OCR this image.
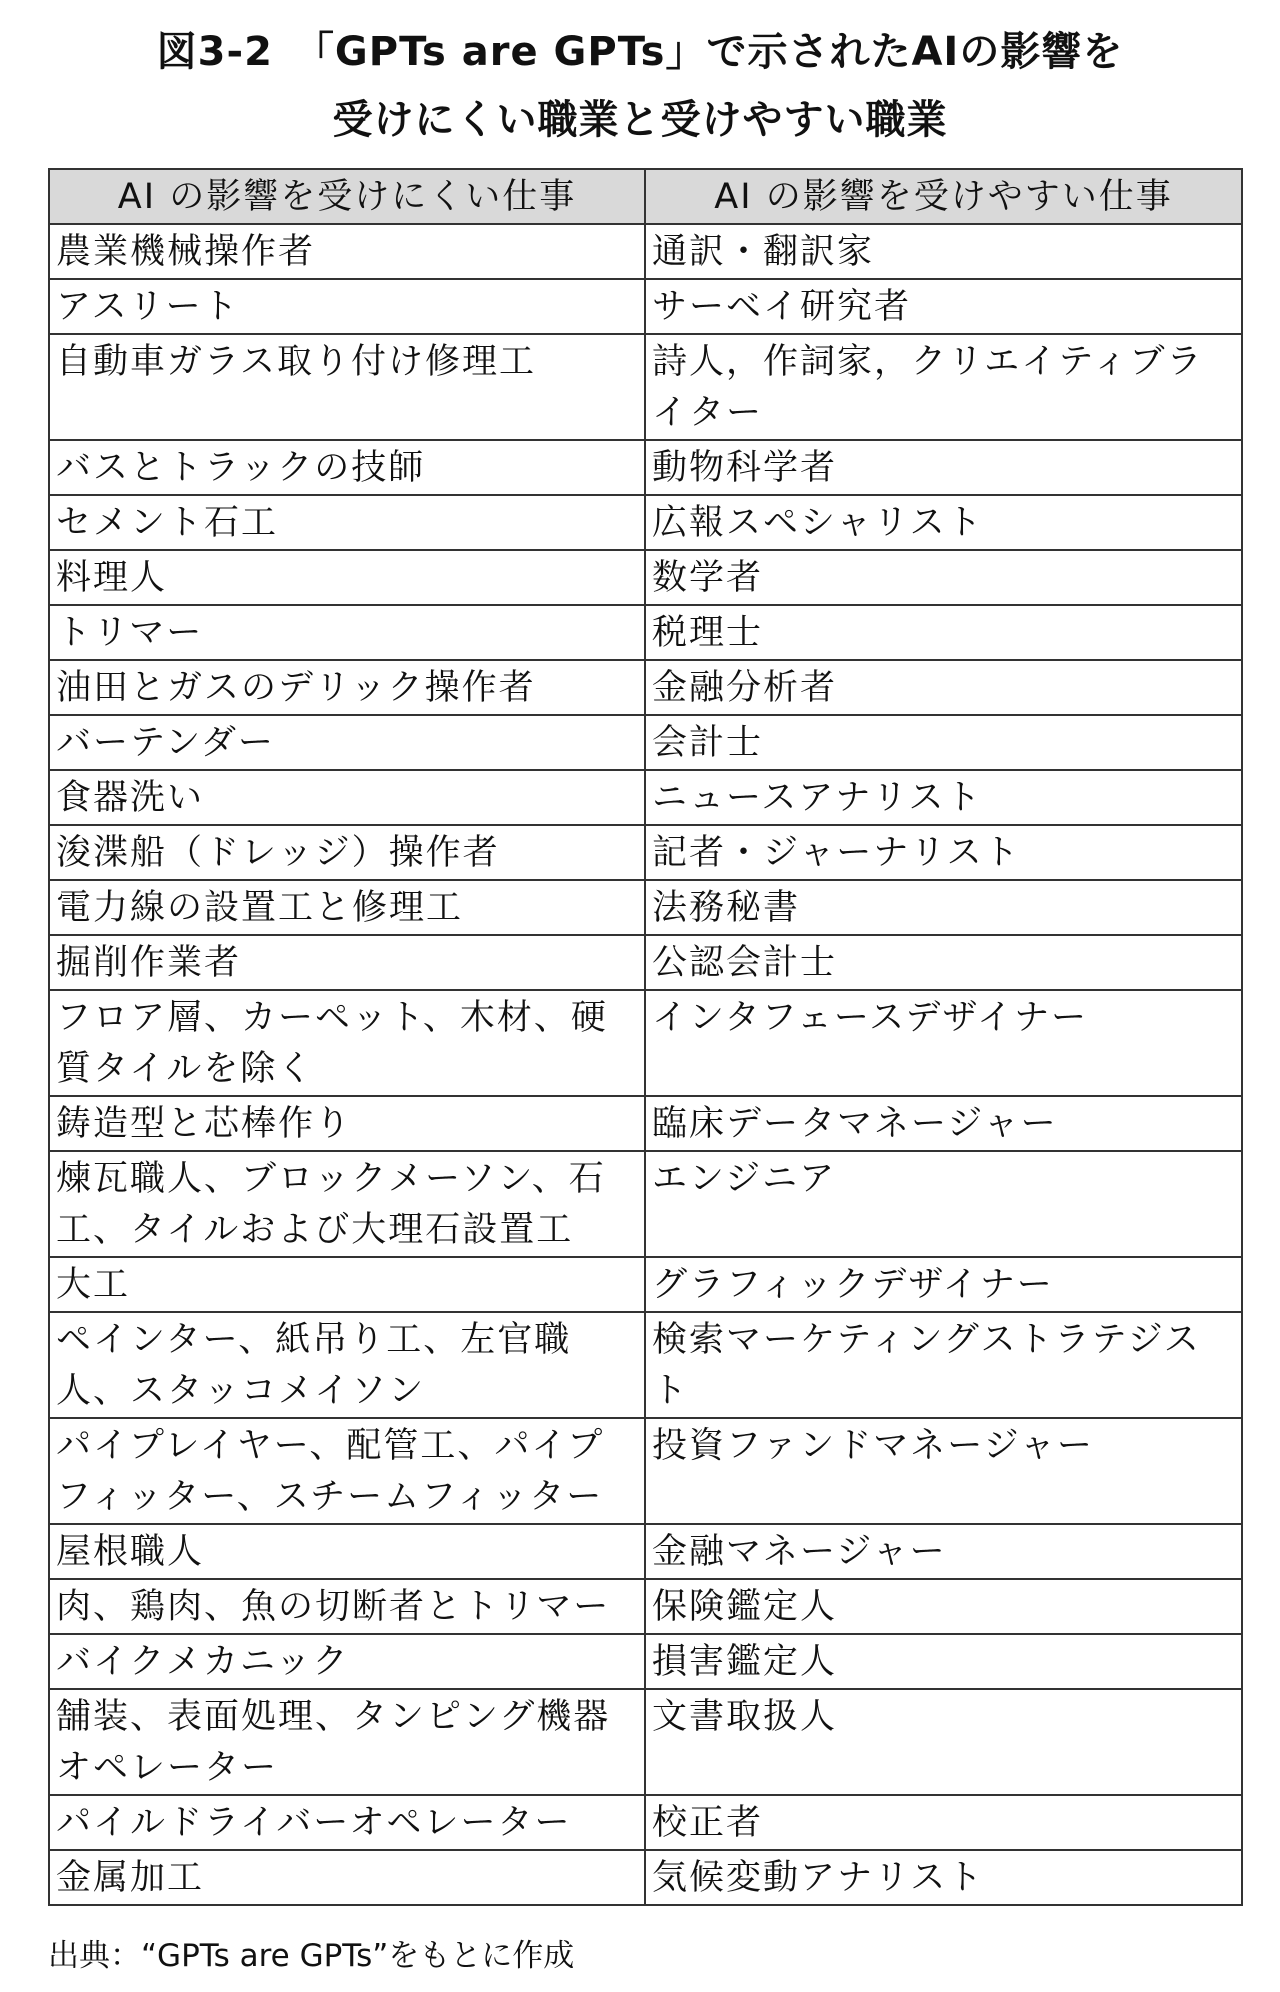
図3-2　「GPTs are GPTs」で示されたAIの影響を
受けにくい職業と受けやすい職業
AI の影響を受けにくい仕事	AI の影響を受けやすい仕事
農業機械操作者	通訳・翻訳家
アスリート	サーベイ研究者
自動車ガラス取り付け修理工	詩人，作詞家，クリエイティブライター
バスとトラックの技師	動物科学者
セメント石工	広報スペシャリスト
料理人	数学者
トリマー	税理士
油田とガスのデリック操作者	金融分析者
バーテンダー	会計士
食器洗い	ニュースアナリスト
浚渫船（ドレッジ）操作者	記者・ジャーナリスト
電力線の設置工と修理工	法務秘書
掘削作業者	公認会計士
フロア層、カーペット、木材、硬質タイルを除く	インタフェースデザイナー
鋳造型と芯棒作り	臨床データマネージャー
煉瓦職人、ブロックメーソン、石工、タイルおよび大理石設置工	エンジニア
大工	グラフィックデザイナー
ペインター、紙吊り工、左官職人、スタッコメイソン	検索マーケティングストラテジスト
パイプレイヤー、配管工、パイプフィッター、スチームフィッター	投資ファンドマネージャー
屋根職人	金融マネージャー
肉、鶏肉、魚の切断者とトリマー	保険鑑定人
バイクメカニック	損害鑑定人
舗装、表面処理、タンピング機器オペレーター	文書取扱人
パイルドライバーオペレーター	校正者
金属加工	気候変動アナリスト
出典：“GPTs are GPTs”をもとに作成
